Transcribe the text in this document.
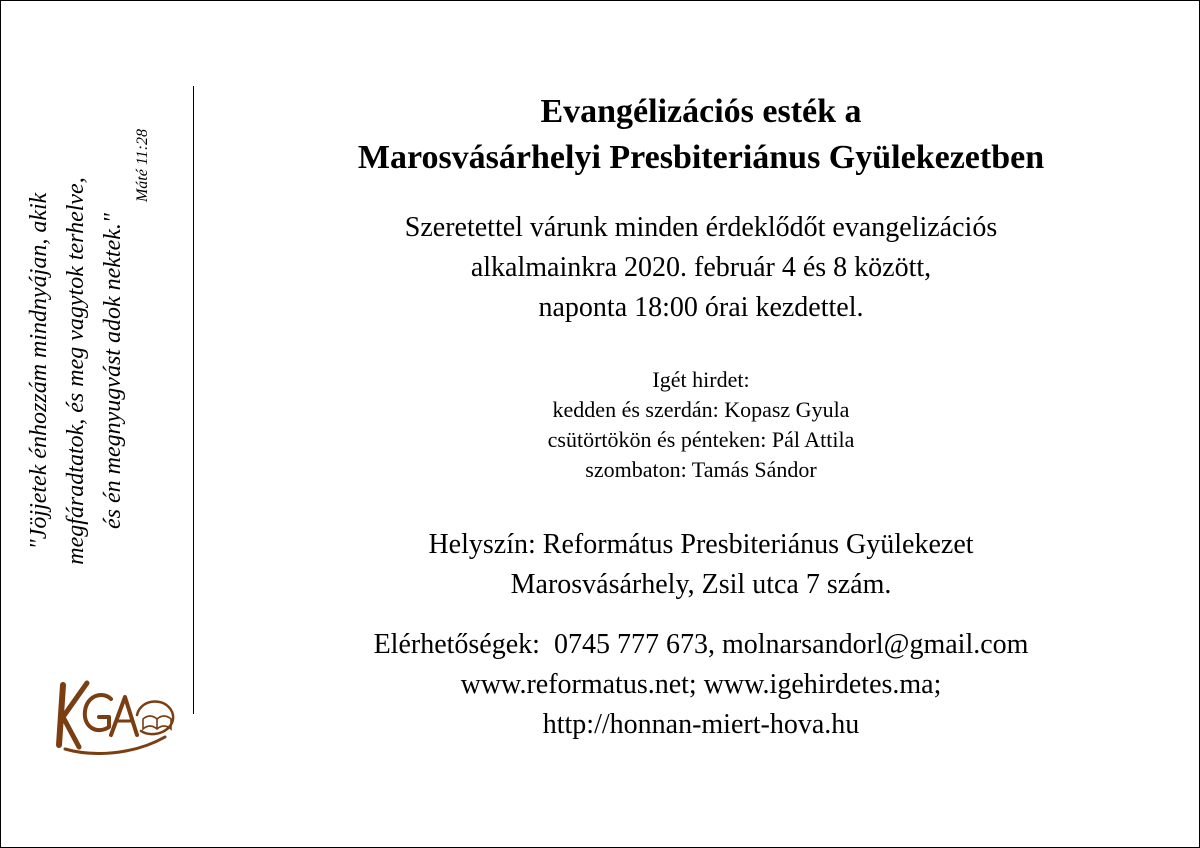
"Jöjjetek énhozzám mindnyájan, akik megfáradtatok, és meg vagytok terhelve, és én megnyugvást adok nektek."
Máté 11:28
Evangélizációs esték a
Marosvásárhelyi Presbiteriánus Gyülekezetben
Szeretettel várunk minden érdeklődőt evangelizációs
alkalmainkra 2020. február 4 és 8 között,
naponta 18:00 órai kezdettel.
Igét hirdet:
kedden és szerdán: Kopasz Gyula
csütörtökön és pénteken: Pál Attila
szombaton: Tamás Sándor
Helyszín: Református Presbiteriánus Gyülekezet
Marosvásárhely, Zsil utca 7 szám.
Elérhetőségek: 0745 777 673, molnarsandorl@gmail.com
www.reformatus.net; www.igehirdetes.ma;
http://honnan-miert-hova.hu
